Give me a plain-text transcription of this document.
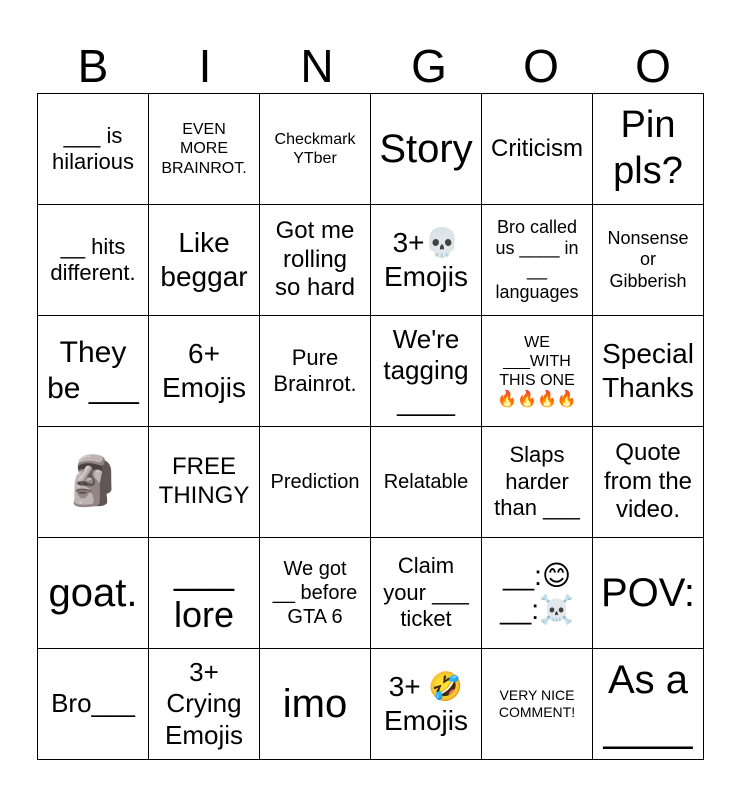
B	I	N	G	O	O
___ is
hilarious	EVEN
MORE
BRAINROT.	Checkmark
YTber	Story	Criticism	Pin
pls?
__ hits
different.	Like
beggar	Got me
rolling
so hard	3+💀
Emojis	Bro called
us ____ in
__
languages	Nonsense
or
Gibberish
They
be ___	6+
Emojis	Pure
Brainrot.	We're
tagging
____	WE
___WITH
THIS ONE
🔥🔥🔥🔥	Special
Thanks
🗿	FREE
THINGY	Prediction	Relatable	Slaps
harder
than ___	Quote
from the
video.
goat.	___
lore	We got
__ before
GTA 6	Claim
your ___
ticket	__:😊
__:☠️	POV:
Bro___	3+
Crying
Emojis	imo	3+ 🤣
Emojis	VERY NICE
COMMENT!	As a
____
